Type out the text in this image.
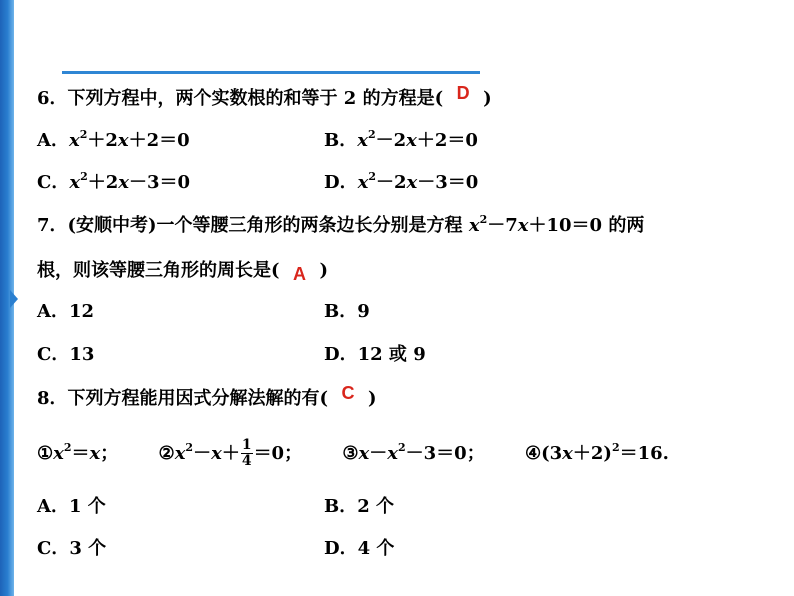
6．下列方程中，两个实数根的和等于 2 的方程是( D )
A．$x^2+2x+2=0$	B．$x^2-2x+2=0$
C．$x^2+2x-3=0$	D．$x^2-2x-3=0$
7．(安顺中考)一个等腰三角形的两条边长分别是方程 $x^2-7x+10=0$ 的两
根，则该等腰三角形的周长是( A )
A．12	B．9
C．13	D．12 或 9
8．下列方程能用因式分解法解的有( C )
$①x^2=x$； $②x^2-x+ \frac{1}{4} =0$； $③x-x^2-3=0$； $④(3x+2)^2=16$.
A．1 个	B．2 个
C．3 个	D．4 个
